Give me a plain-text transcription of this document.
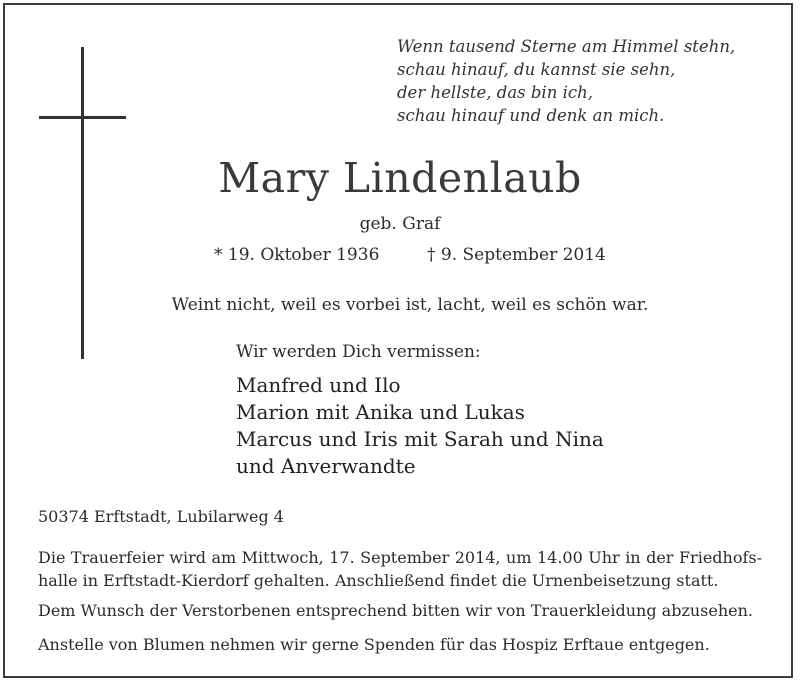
Wenn tausend Sterne am Himmel stehn,
schau hinauf, du kannst sie sehn,
der hellste, das bin ich,
schau hinauf und denk an mich.
Mary Lindenlaub
geb. Graf
* 19. Oktober 1936	† 9. September 2014
Weint nicht, weil es vorbei ist, lacht, weil es schön war.
Wir werden Dich vermissen:
Manfred und Ilo
Marion mit Anika und Lukas
Marcus und Iris mit Sarah und Nina
und Anverwandte
50374 Erftstadt, Lubilarweg 4
Die Trauerfeier wird am Mittwoch, 17. September 2014, um 14.00 Uhr in der Friedhofshalle in Erftstadt-Kierdorf gehalten. Anschließend findet die Urnenbeisetzung statt.
Dem Wunsch der Verstorbenen entsprechend bitten wir von Trauerkleidung abzusehen.
Anstelle von Blumen nehmen wir gerne Spenden für das Hospiz Erftaue entgegen.
